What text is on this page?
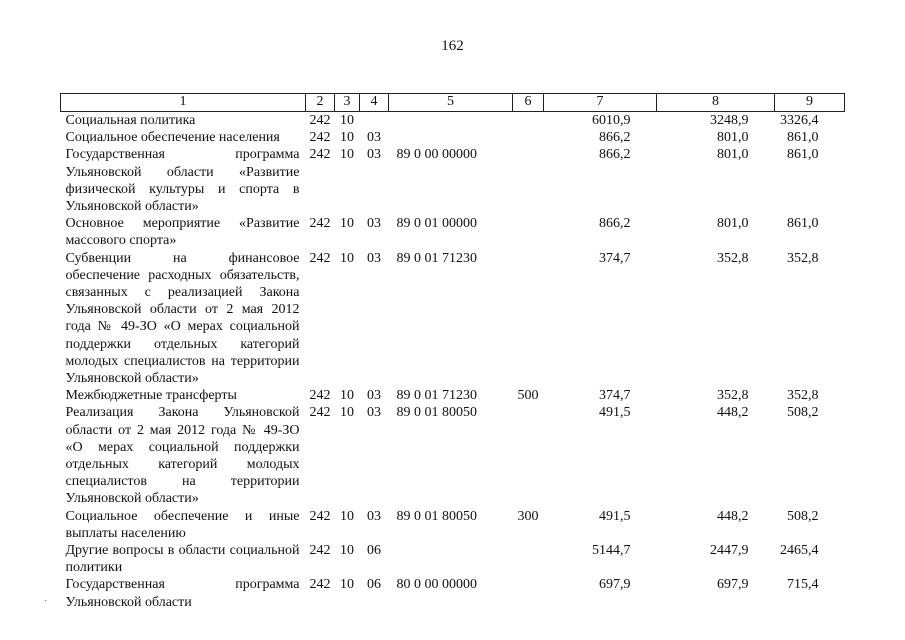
162
1	2	3	4	5	6	7	8	9
Социальная политика	242	10				6010,9	3248,9	3326,4
Социальное обеспечение населения	242	10	03			866,2	801,0	861,0
Государственная программа Ульяновской области «Развитие физической культуры и спорта в Ульяновской области»	242	10	03	89 0 00 00000		866,2	801,0	861,0
Основное мероприятие «Развитие массового спорта»	242	10	03	89 0 01 00000		866,2	801,0	861,0
Субвенции на финансовое обеспечение расходных обязательств, связанных с реализацией Закона Ульяновской области от 2 мая 2012 года № 49-ЗО «О мерах социальной поддержки отдельных категорий молодых специалистов на территории Ульяновской области»	242	10	03	89 0 01 71230		374,7	352,8	352,8
Межбюджетные трансферты	242	10	03	89 0 01 71230	500	374,7	352,8	352,8
Реализация Закона Ульяновской области от 2 мая 2012 года № 49-ЗО «О мерах социальной поддержки отдельных категорий молодых специалистов на территории Ульяновской области»	242	10	03	89 0 01 80050		491,5	448,2	508,2
Социальное обеспечение и иные выплаты населению	242	10	03	89 0 01 80050	300	491,5	448,2	508,2
Другие вопросы в области социальной политики	242	10	06			5144,7	2447,9	2465,4
Государственная программа Ульяновской области	242	10	06	80 0 00 00000		697,9	697,9	715,4
ˏ
